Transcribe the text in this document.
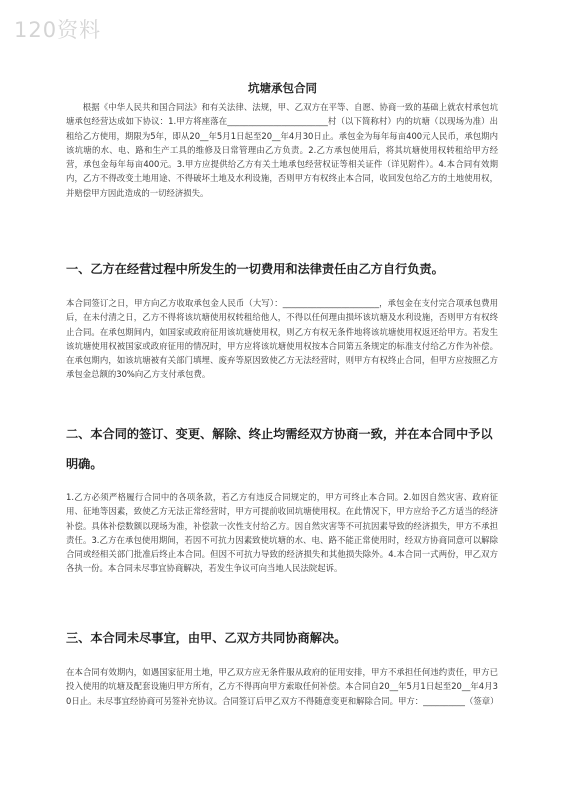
120资料
坑塘承包合同
根据《中华人民共和国合同法》和有关法律、法规，甲、乙双方在平等、自愿、协商一致的基础上就农村承包坑塘承包经营达成如下协议：1.甲方将座落在________________________村（以下简称村）内的坑塘（以现场为准）出租给乙方使用，期限为5年，即从20__年5月1日起至20__年4月30日止。承包金为每年每亩400元人民币，承包期内该坑塘的水、电、路和生产工具的维修及日常管理由乙方负责。2.乙方承包使用后，将其坑塘使用权转租给甲方经营，承包金每年每亩400元。3.甲方应提供给乙方有关土地承包经营权证等相关证件（详见附件）。4.本合同有效期内，乙方不得改变土地用途、不得破坏土地及水利设施，否则甲方有权终止本合同，收回发包给乙方的土地使用权，并赔偿甲方因此造成的一切经济损失。
一、乙方在经营过程中所发生的一切费用和法律责任由乙方自行负责。
本合同签订之日，甲方向乙方收取承包金人民币（大写）：_______________________，承包金在支付完合项承包费用后，在未付清之日，乙方不得将该坑塘使用权转租给他人，不得以任何理由损坏该坑塘及水利设施，否则甲方有权终止合同。在承包期间内，如国家或政府征用该坑塘使用权，则乙方有权无条件地将该坑塘使用权返还给甲方。若发生该坑塘使用权被国家或政府征用的情况时，甲方应将该坑塘使用权按本合同第五条规定的标准支付给乙方作为补偿。在承包期内，如该坑塘被有关部门填埋、废弃等原因致使乙方无法经营时，则甲方有权终止合同，但甲方应按照乙方承包金总额的30%向乙方支付承包费。
二、本合同的签订、变更、解除、终止均需经双方协商一致，并在本合同中予以明确。
1.乙方必须严格履行合同中的各项条款，若乙方有违反合同规定的，甲方可终止本合同。2.如因自然灾害、政府征用、征地等因素，致使乙方无法正常经营时，甲方可提前收回坑塘使用权。在此情况下，甲方应给予乙方适当的经济补偿。具体补偿数额以现场为准，补偿款一次性支付给乙方。因自然灾害等不可抗因素导致的经济损失，甲方不承担责任。3.乙方在承包使用期间，若因不可抗力因素致使坑塘的水、电、路不能正常使用时，经双方协商同意可以解除合同或经相关部门批准后终止本合同。但因不可抗力导致的经济损失和其他损失除外。4.本合同一式两份，甲乙双方各执一份。本合同未尽事宜协商解决，若发生争议可向当地人民法院起诉。
三、本合同未尽事宜，由甲、乙双方共同协商解决。
在本合同有效期内，如遇国家征用土地，甲乙双方应无条件服从政府的征用安排，甲方不承担任何违约责任，甲方已投入使用的坑塘及配套设施归甲方所有，乙方不得再向甲方索取任何补偿。本合同自20__年5月1日起至20__年4月30日止。未尽事宜经协商可另签补充协议。合同签订后甲乙双方不得随意变更和解除合同。甲方：__________（签章）
